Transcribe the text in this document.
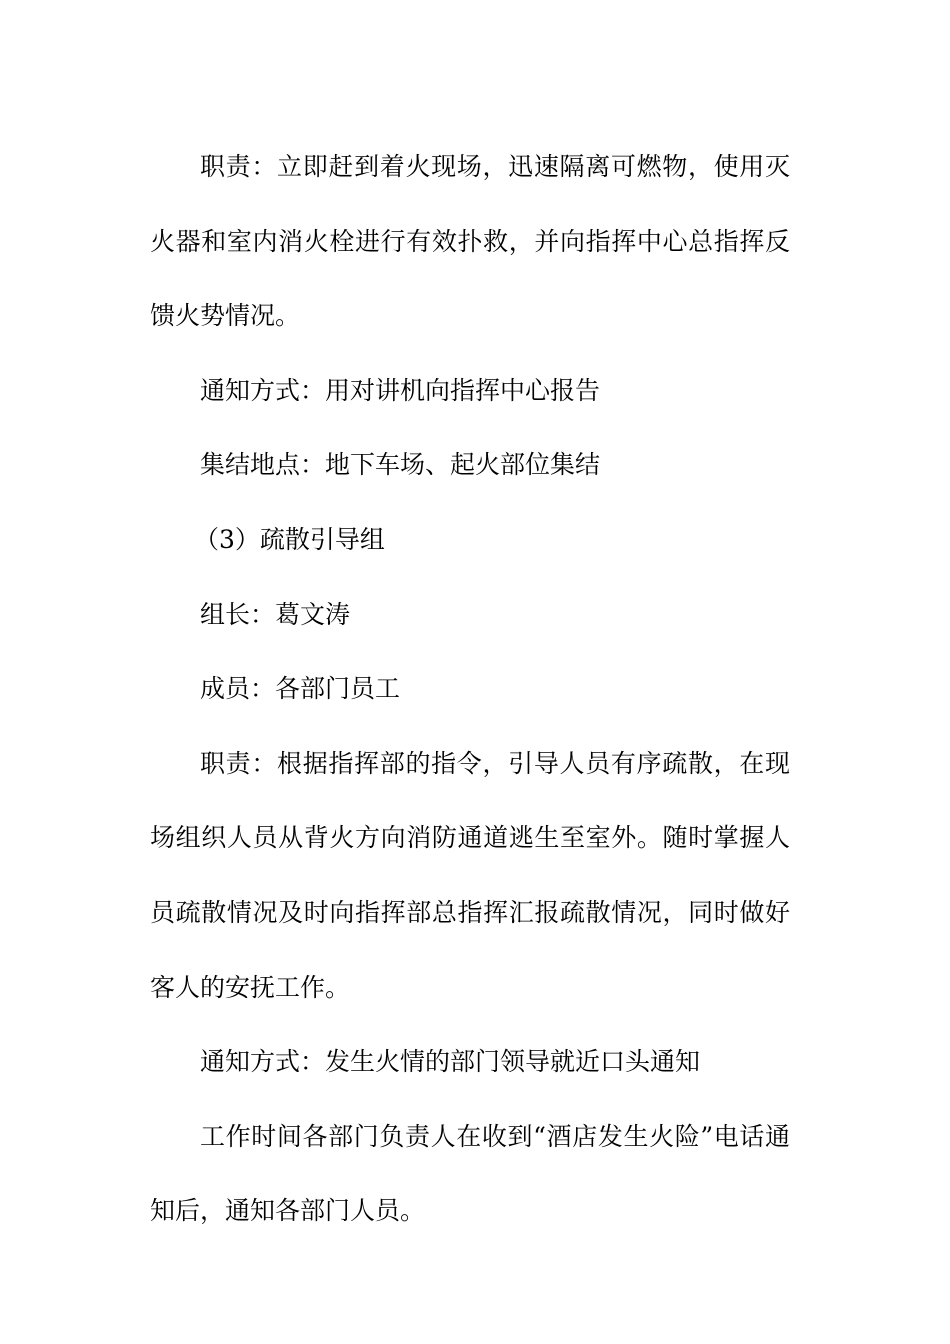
职责：立即赶到着火现场，迅速隔离可燃物，使用灭火器和室内消火栓进行有效扑救，并向指挥中心总指挥反馈火势情况。

通知方式：用对讲机向指挥中心报告

集结地点：地下车场、起火部位集结

（3）疏散引导组

组长：葛文涛

成员：各部门员工

职责：根据指挥部的指令，引导人员有序疏散，在现场组织人员从背火方向消防通道逃生至室外。随时掌握人员疏散情况及时向指挥部总指挥汇报疏散情况，同时做好客人的安抚工作。

通知方式：发生火情的部门领导就近口头通知

工作时间各部门负责人在收到“酒店发生火险”电话通知后，通知各部门人员。
